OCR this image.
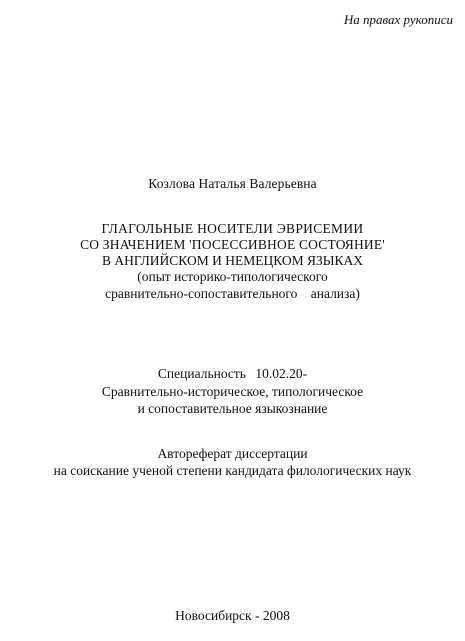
На правах рукописи
Козлова Наталья Валерьевна
ГЛАГОЛЬНЫЕ НОСИТЕЛИ ЭВРИСЕМИИ
СО ЗНАЧЕНИЕМ 'ПОСЕССИВНОЕ СОСТОЯНИЕ'
В АНГЛИЙСКОМ И НЕМЕЦКОМ ЯЗЫКАХ
(опыт историко-типологического
сравнительно-сопоставительного анализа)
Специальность 10.02.20-
Сравнительно-историческое, типологическое
и сопоставительное языкознание
Автореферат диссертации
на соискание ученой степени кандидата филологических наук
Новосибирск - 2008
